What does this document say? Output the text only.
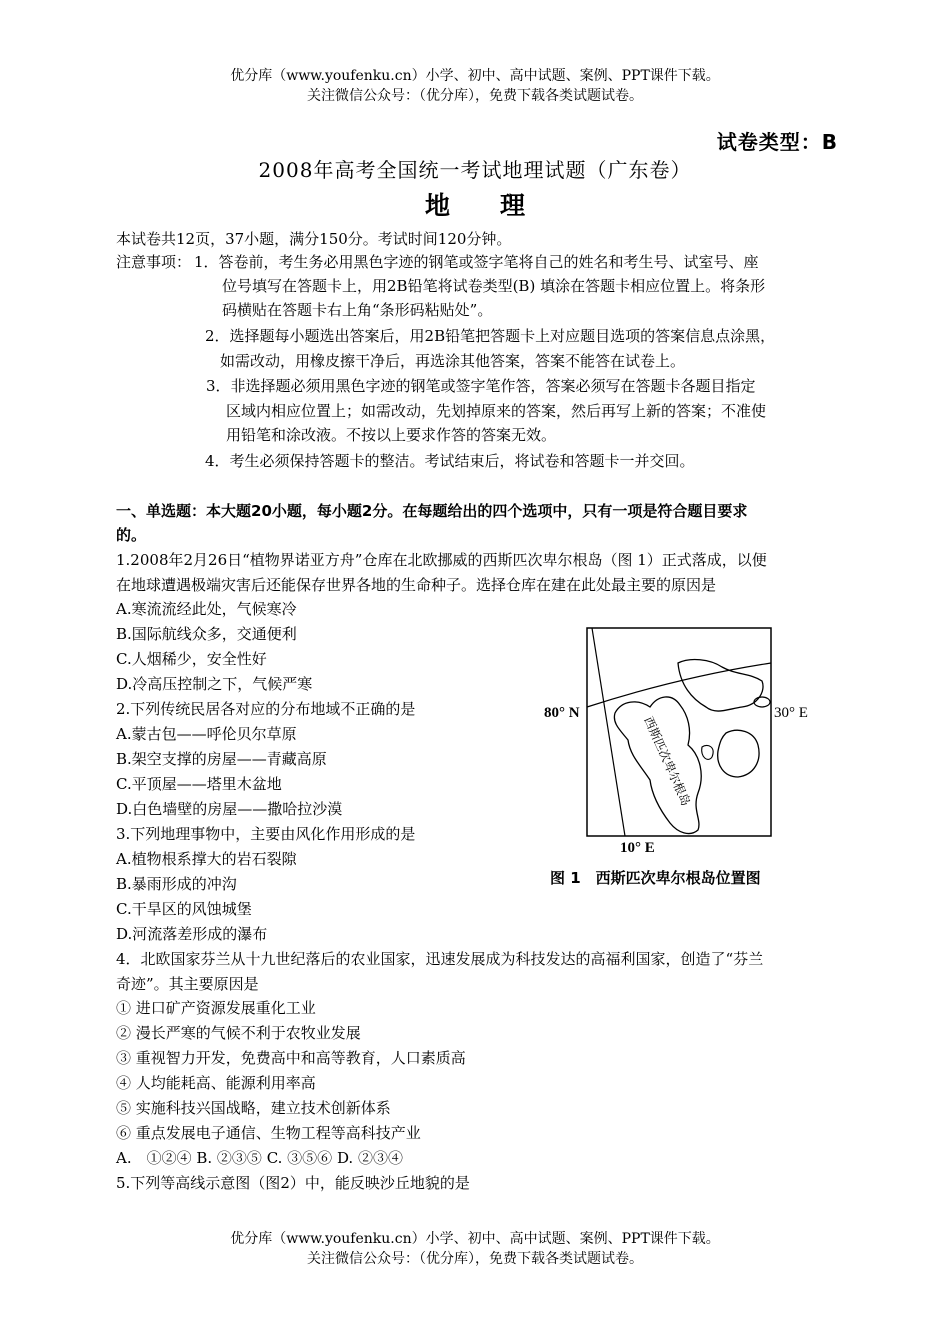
优分库（www.youfenku.cn）小学、初中、高中试题、案例、PPT课件下载。
关注微信公众号：（优分库），免费下载各类试题试卷。
试卷类型：B
2008年高考全国统一考试地理试题（广东卷）
地　　理
本试卷共12页，37小题，满分150分。考试时间120分钟。
注意事项： 1．答卷前，考生务必用黑色字迹的钢笔或签字笔将自己的姓名和考生号、试室号、座
位号填写在答题卡上，用2B铅笔将试卷类型(B) 填涂在答题卡相应位置上。将条形
码横贴在答题卡右上角“条形码粘贴处”。
2．选择题每小题选出答案后，用2B铅笔把答题卡上对应题目选项的答案信息点涂黑，
如需改动，用橡皮擦干净后，再选涂其他答案，答案不能答在试卷上。
3．非选择题必须用黑色字迹的钢笔或签字笔作答，答案必须写在答题卡各题目指定
区域内相应位置上；如需改动，先划掉原来的答案，然后再写上新的答案；不准使
用铅笔和涂改液。不按以上要求作答的答案无效。
4．考生必须保持答题卡的整洁。考试结束后，将试卷和答题卡一并交回。
一、单选题：本大题20小题，每小题2分。在每题给出的四个选项中，只有一项是符合题目要求
的。
1.2008年2月26日“植物界诺亚方舟”仓库在北欧挪威的西斯匹次卑尔根岛（图 1）正式落成，以便
在地球遭遇极端灾害后还能保存世界各地的生命种子。选择仓库在建在此处最主要的原因是
A.寒流流经此处，气候寒冷
B.国际航线众多，交通便利
C.人烟稀少，安全性好
D.冷高压控制之下，气候严寒
2.下列传统民居各对应的分布地域不正确的是
A.蒙古包——呼伦贝尔草原
B.架空支撑的房屋——青藏高原
C.平顶屋——塔里木盆地
D.白色墙壁的房屋——撒哈拉沙漠
3.下列地理事物中，主要由风化作用形成的是
A.植物根系撑大的岩石裂隙
B.暴雨形成的冲沟
C.干旱区的风蚀城堡
D.河流落差形成的瀑布
4．北欧国家芬兰从十九世纪落后的农业国家，迅速发展成为科技发达的高福利国家，创造了“芬兰
奇迹”。其主要原因是
① 进口矿产资源发展重化工业
② 漫长严寒的气候不利于农牧业发展
③ 重视智力开发，免费高中和高等教育，人口素质高
④ 人均能耗高、能源利用率高
⑤ 实施科技兴国战略，建立技术创新体系
⑥ 重点发展电子通信、生物工程等高科技产业
A.　①②④ B. ②③⑤ C. ③⑤⑥ D. ②③④
5.下列等高线示意图（图2）中，能反映沙丘地貌的是
80° N	30° E
10° E
西斯匹次卑尔根岛
图 1　西斯匹次卑尔根岛位置图
优分库（www.youfenku.cn）小学、初中、高中试题、案例、PPT课件下载。
关注微信公众号：（优分库），免费下载各类试题试卷。
